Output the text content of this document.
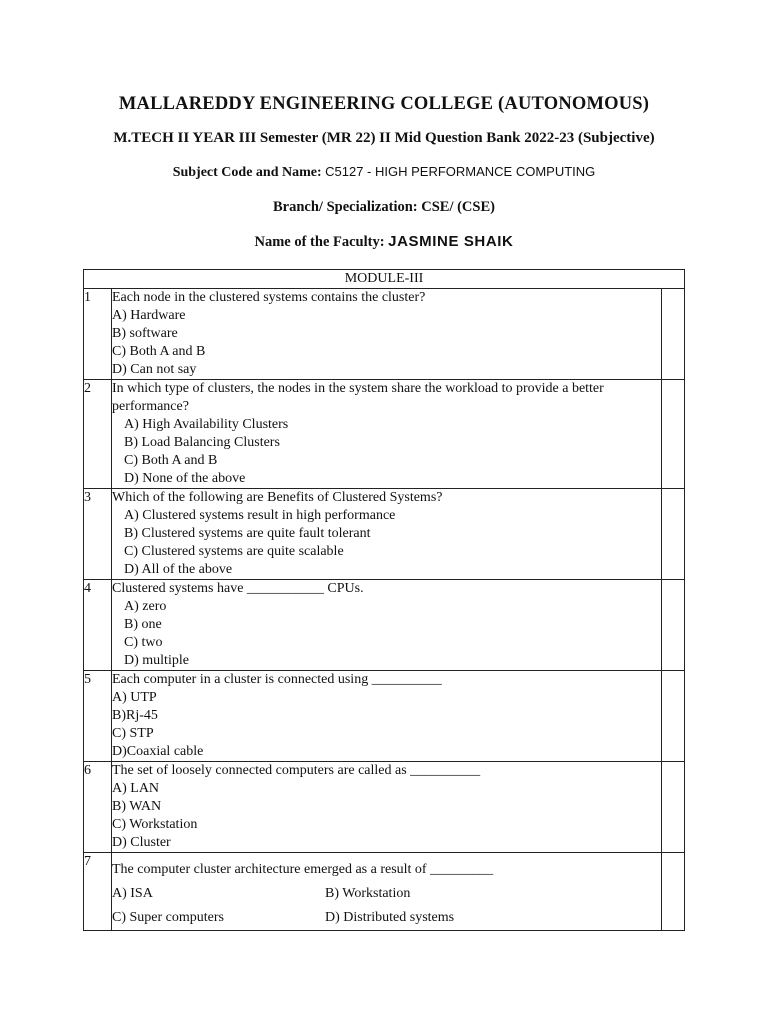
MALLAREDDY ENGINEERING COLLEGE (AUTONOMOUS)
M.TECH II YEAR III Semester (MR 22) II Mid Question Bank 2022-23 (Subjective)
Subject Code and Name: C5127 - HIGH PERFORMANCE COMPUTING
Branch/ Specialization: CSE/ (CSE)
Name of the Faculty: JASMINE SHAIK
MODULE-III		
1	Each node in the clustered systems contains the cluster?
A) Hardware
B) software
C) Both A and B
D) Can not say	

2	In which type of clusters, the nodes in the system share the workload to provide a better performance?
A) High Availability Clusters
B) Load Balancing Clusters
C) Both A and B
D) None of the above	

3	Which of the following are Benefits of Clustered Systems?
A) Clustered systems result in high performance
B) Clustered systems are quite fault tolerant
C) Clustered systems are quite scalable
D) All of the above	

4	Clustered systems have ___________ CPUs.
A) zero
B) one
C) two
D) multiple	

5	Each computer in a cluster is connected using __________
A) UTP
B)Rj-45
C) STP
D)Coaxial cable	

6	The set of loosely connected computers are called as __________
A) LAN
B) WAN
C) Workstation
D) Cluster	

7	The computer cluster architecture emerged as a result of _________
A) ISA B) Workstation
C) Super computers D) Distributed systems	
